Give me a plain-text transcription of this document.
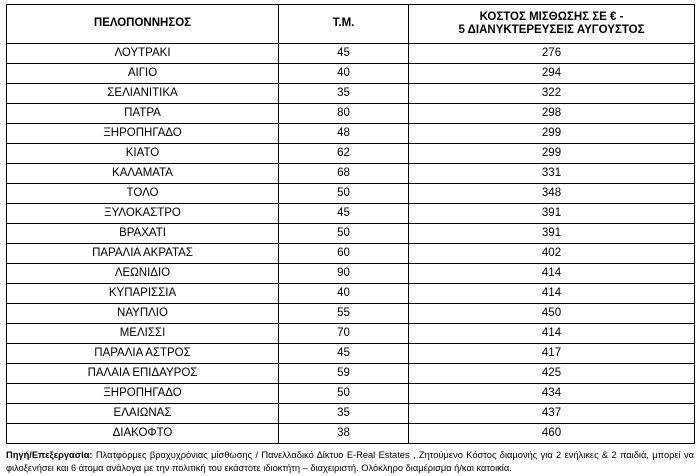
ΠΕΛΟΠΟΝΝΗΣΟΣ	Τ.Μ.	ΚΟΣΤΟΣ ΜΙΣΘΩΣΗΣ ΣΕ € -
5 ΔΙΑΝΥΚΤΕΡΕΥΣΕΙΣ ΑΥΓΟΥΣΤΟΣ

ΛΟΥΤΡΑΚΙ	45	276
ΑΙΓΙΟ	40	294
ΣΕΛΙΑΝΙΤΙΚΑ	35	322
ΠΑΤΡΑ	80	298
ΞΗΡΟΠΗΓΑΔΟ	48	299
ΚΙΑΤΟ	62	299
ΚΑΛΑΜΑΤΑ	68	331
ΤΟΛΟ	50	348
ΞΥΛΟΚΑΣΤΡΟ	45	391
ΒΡΑΧΑΤΙ	50	391
ΠΑΡΑΛΙΑ ΑΚΡΑΤΑΣ	60	402
ΛΕΩΝΙΔΙΟ	90	414
ΚΥΠΑΡΙΣΣΙΑ	40	414
ΝΑΥΠΛΙΟ	55	450
ΜΕΛΙΣΣΙ	70	414
ΠΑΡΑΛΙΑ ΑΣΤΡΟΣ	45	417
ΠΑΛΑΙΑ ΕΠΙΔΑΥΡΟΣ	59	425
ΞΗΡΟΠΗΓΑΔΟ	50	434
ΕΛΑΙΩΝΑΣ	35	437
ΔΙΑΚΟΦΤΟ	38	460
Πηγή/Επεξεργασία: Πλατφόρμες βραχυχρόνιας μίσθωσης / Πανελλαδικό Δίκτυο E-Real Estates , Ζητούμενο Κόστος διαμονής για 2 ενήλικες & 2 παιδιά, μπορεί να φιλοξενήσει και 6 άτομα ανάλογα με την πολιτική του εκάστοτε ιδιοκτήτη – διαχειριστή. Ολόκληρο διαμέρισμα ή/και κατοικία.
